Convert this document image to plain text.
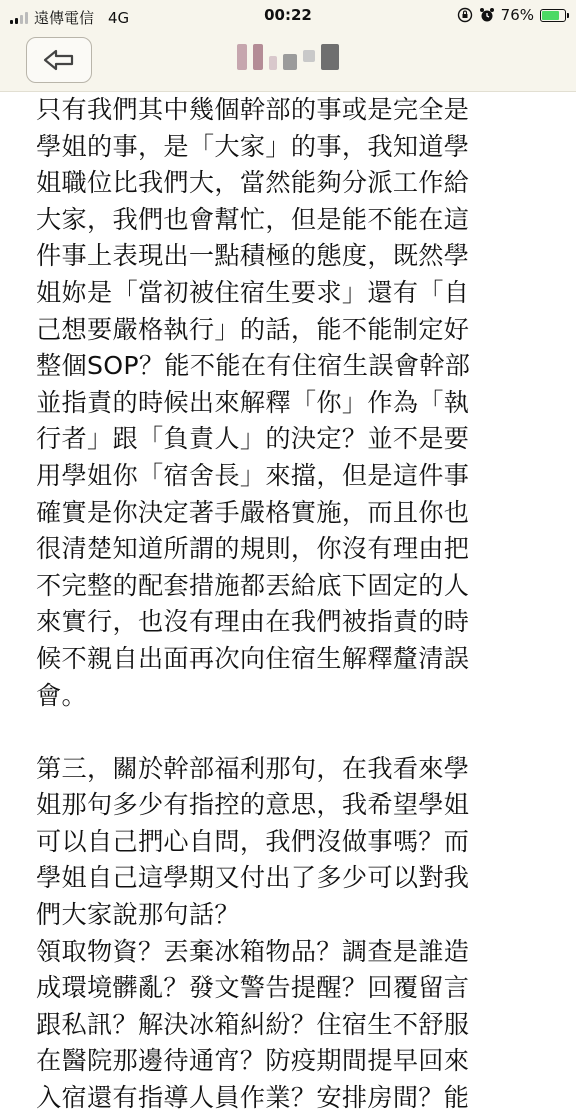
遠傳電信 4G	00:22	76%
只有我們其中幾個幹部的事或是完全是
學姐的事，是「大家」的事，我知道學
姐職位比我們大，當然能夠分派工作給
大家，我們也會幫忙，但是能不能在這
件事上表現出一點積極的態度，既然學
姐妳是「當初被住宿生要求」還有「自
己想要嚴格執行」的話，能不能制定好
整個SOP？能不能在有住宿生誤會幹部
並指責的時候出來解釋「你」作為「執
行者」跟「負責人」的決定？並不是要
用學姐你「宿舍長」來擋，但是這件事
確實是你決定著手嚴格實施，而且你也
很清楚知道所謂的規則，你沒有理由把
不完整的配套措施都丟給底下固定的人
來實行，也沒有理由在我們被指責的時
候不親自出面再次向住宿生解釋釐清誤
會。
第三，關於幹部福利那句，在我看來學
姐那句多少有指控的意思，我希望學姐
可以自己捫心自問，我們沒做事嗎？而
學姐自己這學期又付出了多少可以對我
們大家說那句話？
領取物資？丟棄冰箱物品？調查是誰造
成環境髒亂？發文警告提醒？回覆留言
跟私訊？解決冰箱糾紛？住宿生不舒服
在醫院那邊待通宵？防疫期間提早回來
入宿還有指導人員作業？安排房間？能
